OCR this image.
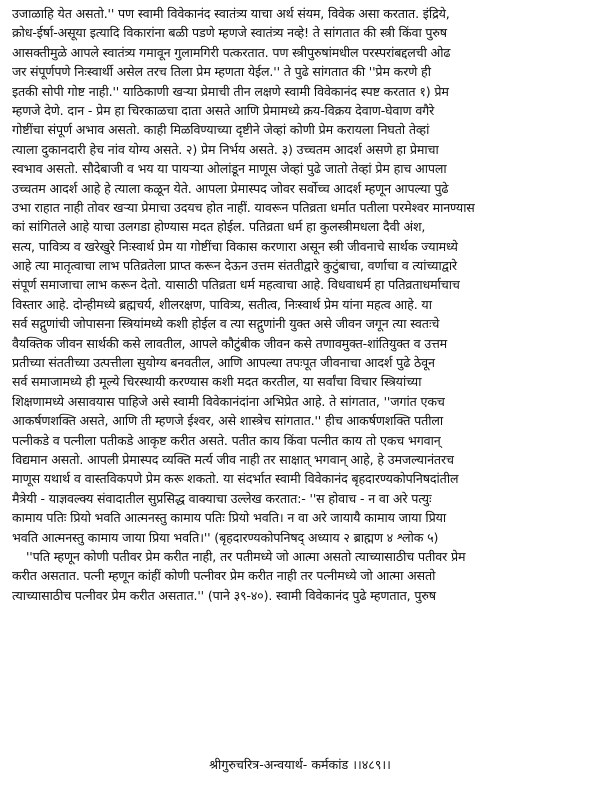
उजाळाहि येत असतो.'' पण स्वामी विवेकानंद स्वातंत्र्य याचा अर्थ संयम, विवेक असा करतात. इंद्रिये,
क्रोध-ईर्षा-असूया इत्यादि विकारांना बळी पडणे म्हणजे स्वातंत्र्य नव्हे! ते सांगतात की स्त्री किंवा पुरुष
आसक्तीमुळे आपले स्वातंत्र्य गमावून गुलामगिरी पत्करतात. पण स्त्रीपुरुषांमधील परस्परांबद्दलची ओढ
जर संपूर्णपणे निःस्वार्थी असेल तरच तिला प्रेम म्हणता येईल.'' ते पुढे सांगतात की ''प्रेम करणे ही
इतकी सोपी गोष्ट नाही.'' याठिकाणी खऱ्या प्रेमाची तीन लक्षणे स्वामी विवेकानंद स्पष्ट करतात १) प्रेम
म्हणजे देणे. दान - प्रेम हा चिरकाळचा दाता असते आणि प्रेमामध्ये क्रय-विक्रय देवाण-घेवाण वगैरे
गोष्टींचा संपूर्ण अभाव असतो. काही मिळविण्याच्या दृष्टीने जेव्हां कोणी प्रेम करायला निघतो तेव्हां
त्याला दुकानदारी हेच नांव योग्य असते. २) प्रेम निर्भय असते. ३) उच्चतम आदर्श असणे हा प्रेमाचा
स्वभाव असतो. सौदेबाजी व भय या पायऱ्या ओलांडून माणूस जेव्हां पुढे जातो तेव्हां प्रेम हाच आपला
उच्चतम आदर्श आहे हे त्याला कळून येते. आपला प्रेमास्पद जोवर सर्वोच्च आदर्श म्हणून आपल्या पुढे
उभा राहात नाही तोवर खऱ्या प्रेमाचा उदयच होत नाहीं. यावरून पतिव्रता धर्मात पतीला परमेश्वर मानण्यास
कां सांगितले आहे याचा उलगडा होण्यास मदत होईल. पतिव्रता धर्म हा कुलस्त्रीमधला दैवी अंश,
सत्य, पावित्र्य व खरेखुरे निःस्वार्थ प्रेम या गोष्टींचा विकास करणारा असून स्त्री जीवनाचे सार्थक ज्यामध्ये
आहे त्या मातृत्वाचा लाभ पतिव्रतेला प्राप्त करून देऊन उत्तम संततीद्वारे कुटुंबाचा, वर्णाचा व त्यांच्याद्वारे
संपूर्ण समाजाचा लाभ करून देतो. यासाठी पतिव्रता धर्म महत्वाचा आहे. विधवाधर्म हा पतिव्रताधर्माचाच
विस्तार आहे. दोन्हीमध्ये ब्रह्मचर्य, शीलरक्षण, पावित्र्य, सतीत्व, निःस्वार्थ प्रेम यांना महत्व आहे. या
सर्व सद्गुणांची जोपासना स्त्रियांमध्ये कशी होईल व त्या सद्गुणांनी युक्त असे जीवन जगून त्या स्वतःचे
वैयक्तिक जीवन सार्थकी कसे लावतील, आपले कौटुंबीक जीवन कसे तणावमुक्त-शांतियुक्त व उत्तम
प्रतीच्या संततीच्या उत्पत्तीला सुयोग्य बनवतील, आणि आपल्या तपःपूत जीवनाचा आदर्श पुढे ठेवून
सर्व समाजामध्ये ही मूल्ये चिरस्थायी करण्यास कशी मदत करतील, या सर्वांचा विचार स्त्रियांच्या
शिक्षणामध्ये असावयास पाहिजे असे स्वामी विवेकानंदांना अभिप्रेत आहे. ते सांगतात, ''जगांत एकच
आकर्षणशक्ति असते, आणि ती म्हणजे ईश्वर, असे शास्त्रेच सांगतात.'' हीच आकर्षणशक्ति पतीला
पत्नीकडे व पत्नीला पतीकडे आकृष्ट करीत असते. पतीत काय किंवा पत्नीत काय तो एकच भगवान्
विद्यमान असतो. आपली प्रेमास्पद व्यक्ति मर्त्य जीव नाही तर साक्षात् भगवान् आहे, हे उमजल्यानंतरच
माणूस यथार्थ व वास्तविकपणे प्रेम करू शकतो. या संदर्भात स्वामी विवेकानंद बृहदारण्यकोपनिषदांतील
मैत्रेयी - याज्ञवल्क्य संवादातील सुप्रसिद्ध वाक्याचा उल्लेख करतात:- ''स होवाच - न वा अरे पत्युः
कामाय पतिः प्रियो भवति आत्मनस्तु कामाय पतिः प्रियो भवति। न वा अरे जायायै कामाय जाया प्रिया
भवति आत्मनस्तु कामाय जाया प्रिया भवति।'' (बृहदारण्यकोपनिषद् अध्याय २ ब्राह्मण ४ श्लोक ५)
''पति म्हणून कोणी पतीवर प्रेम करीत नाही, तर पतीमध्ये जो आत्मा असतो त्याच्यासाठीच पतीवर प्रेम
करीत असतात. पत्नी म्हणून कांहीं कोणी पत्नीवर प्रेम करीत नाही तर पत्नीमध्ये जो आत्मा असतो
त्याच्यासाठीच पत्नीवर प्रेम करीत असतात.'' (पाने ३९-४०). स्वामी विवेकानंद पुढे म्हणतात, पुरुष
श्रीगुरुचरित्र-अन्वयार्थ- कर्मकांड ।।४८९।।
